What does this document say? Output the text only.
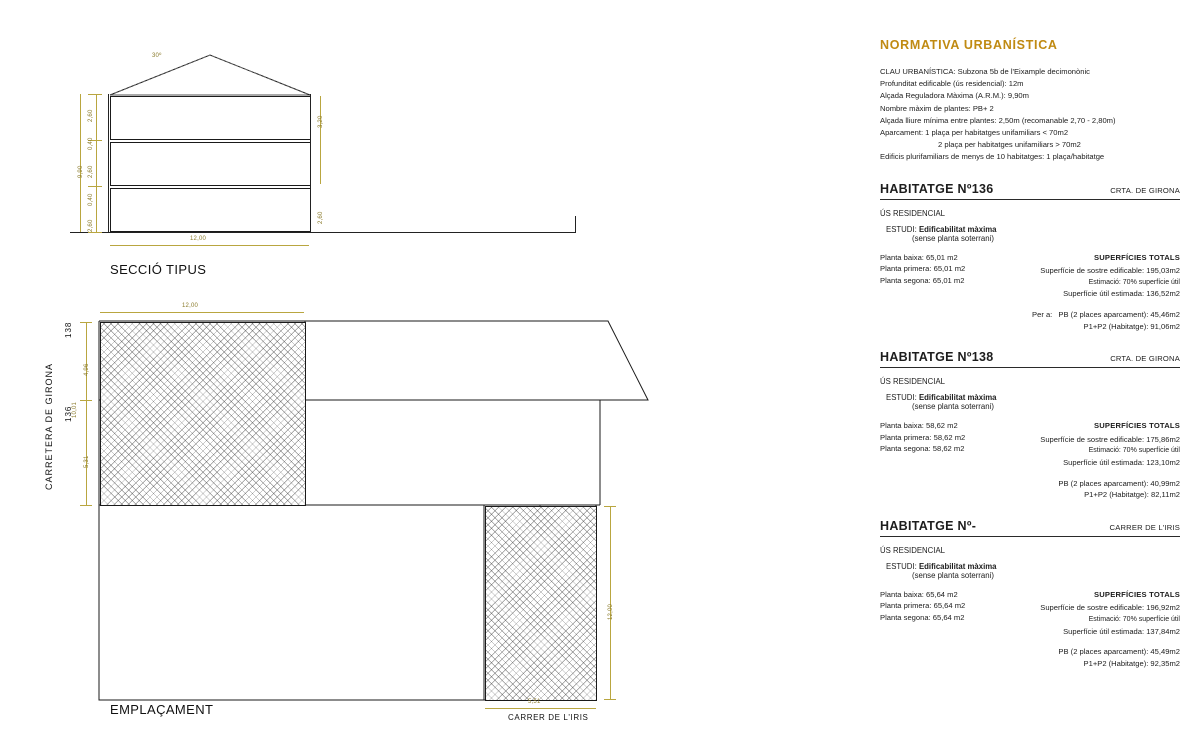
30º
2,60
0,40
2,60
0,40
2,60
9,90
3,20
2,60
12,00
SECCIÓ TIPUS
CARRETERA DE GIRONA
138
136
4,96
10,01
5,31
12,00
12,00
5,51
CARRER DE L'IRIS
EMPLAÇAMENT
NORMATIVA URBANÍSTICA
CLAU URBANÍSTICA: Subzona 5b de l'Eixample decimonònic
Profunditat edificable (ús residencial): 12m
Alçada Reguladora Màxima (A.R.M.): 9,90m
Nombre màxim de plantes: PB+ 2
Alçada lliure mínima entre plantes: 2,50m (recomanable 2,70 - 2,80m)
Aparcament: 1 plaça per habitatges unifamiliars < 70m2
2 plaça per habitatges unifamiliars > 70m2
Edificis plurifamiliars de menys de 10 habitatges: 1 plaça/habitatge
HABITATGE Nº136	CRTA. DE GIRONA
ÚS RESIDENCIAL
ESTUDI: Edificabilitat màxima
(sense planta soterrani)
Planta baixa: 65,01 m2
Planta primera: 65,01 m2
Planta segona: 65,01 m2
SUPERFÍCIES TOTALS
Superfície de sostre edificable: 195,03m2
Estimació: 70% superfície útil
Superfície útil estimada: 136,52m2
Per a: PB (2 places aparcament): 45,46m2
P1+P2 (Habitatge): 91,06m2
HABITATGE Nº138	CRTA. DE GIRONA
ÚS RESIDENCIAL
ESTUDI: Edificabilitat màxima
(sense planta soterrani)
Planta baixa: 58,62 m2
Planta primera: 58,62 m2
Planta segona: 58,62 m2
SUPERFÍCIES TOTALS
Superfície de sostre edificable: 175,86m2
Estimació: 70% superfície útil
Superfície útil estimada: 123,10m2
PB (2 places aparcament): 40,99m2
P1+P2 (Habitatge): 82,11m2
HABITATGE Nº-	CARRER DE L'IRIS
ÚS RESIDENCIAL
ESTUDI: Edificabilitat màxima
(sense planta soterrani)
Planta baixa: 65,64 m2
Planta primera: 65,64 m2
Planta segona: 65,64 m2
SUPERFÍCIES TOTALS
Superfície de sostre edificable: 196,92m2
Estimació: 70% superfície útil
Superfície útil estimada: 137,84m2
PB (2 places aparcament): 45,49m2
P1+P2 (Habitatge): 92,35m2
